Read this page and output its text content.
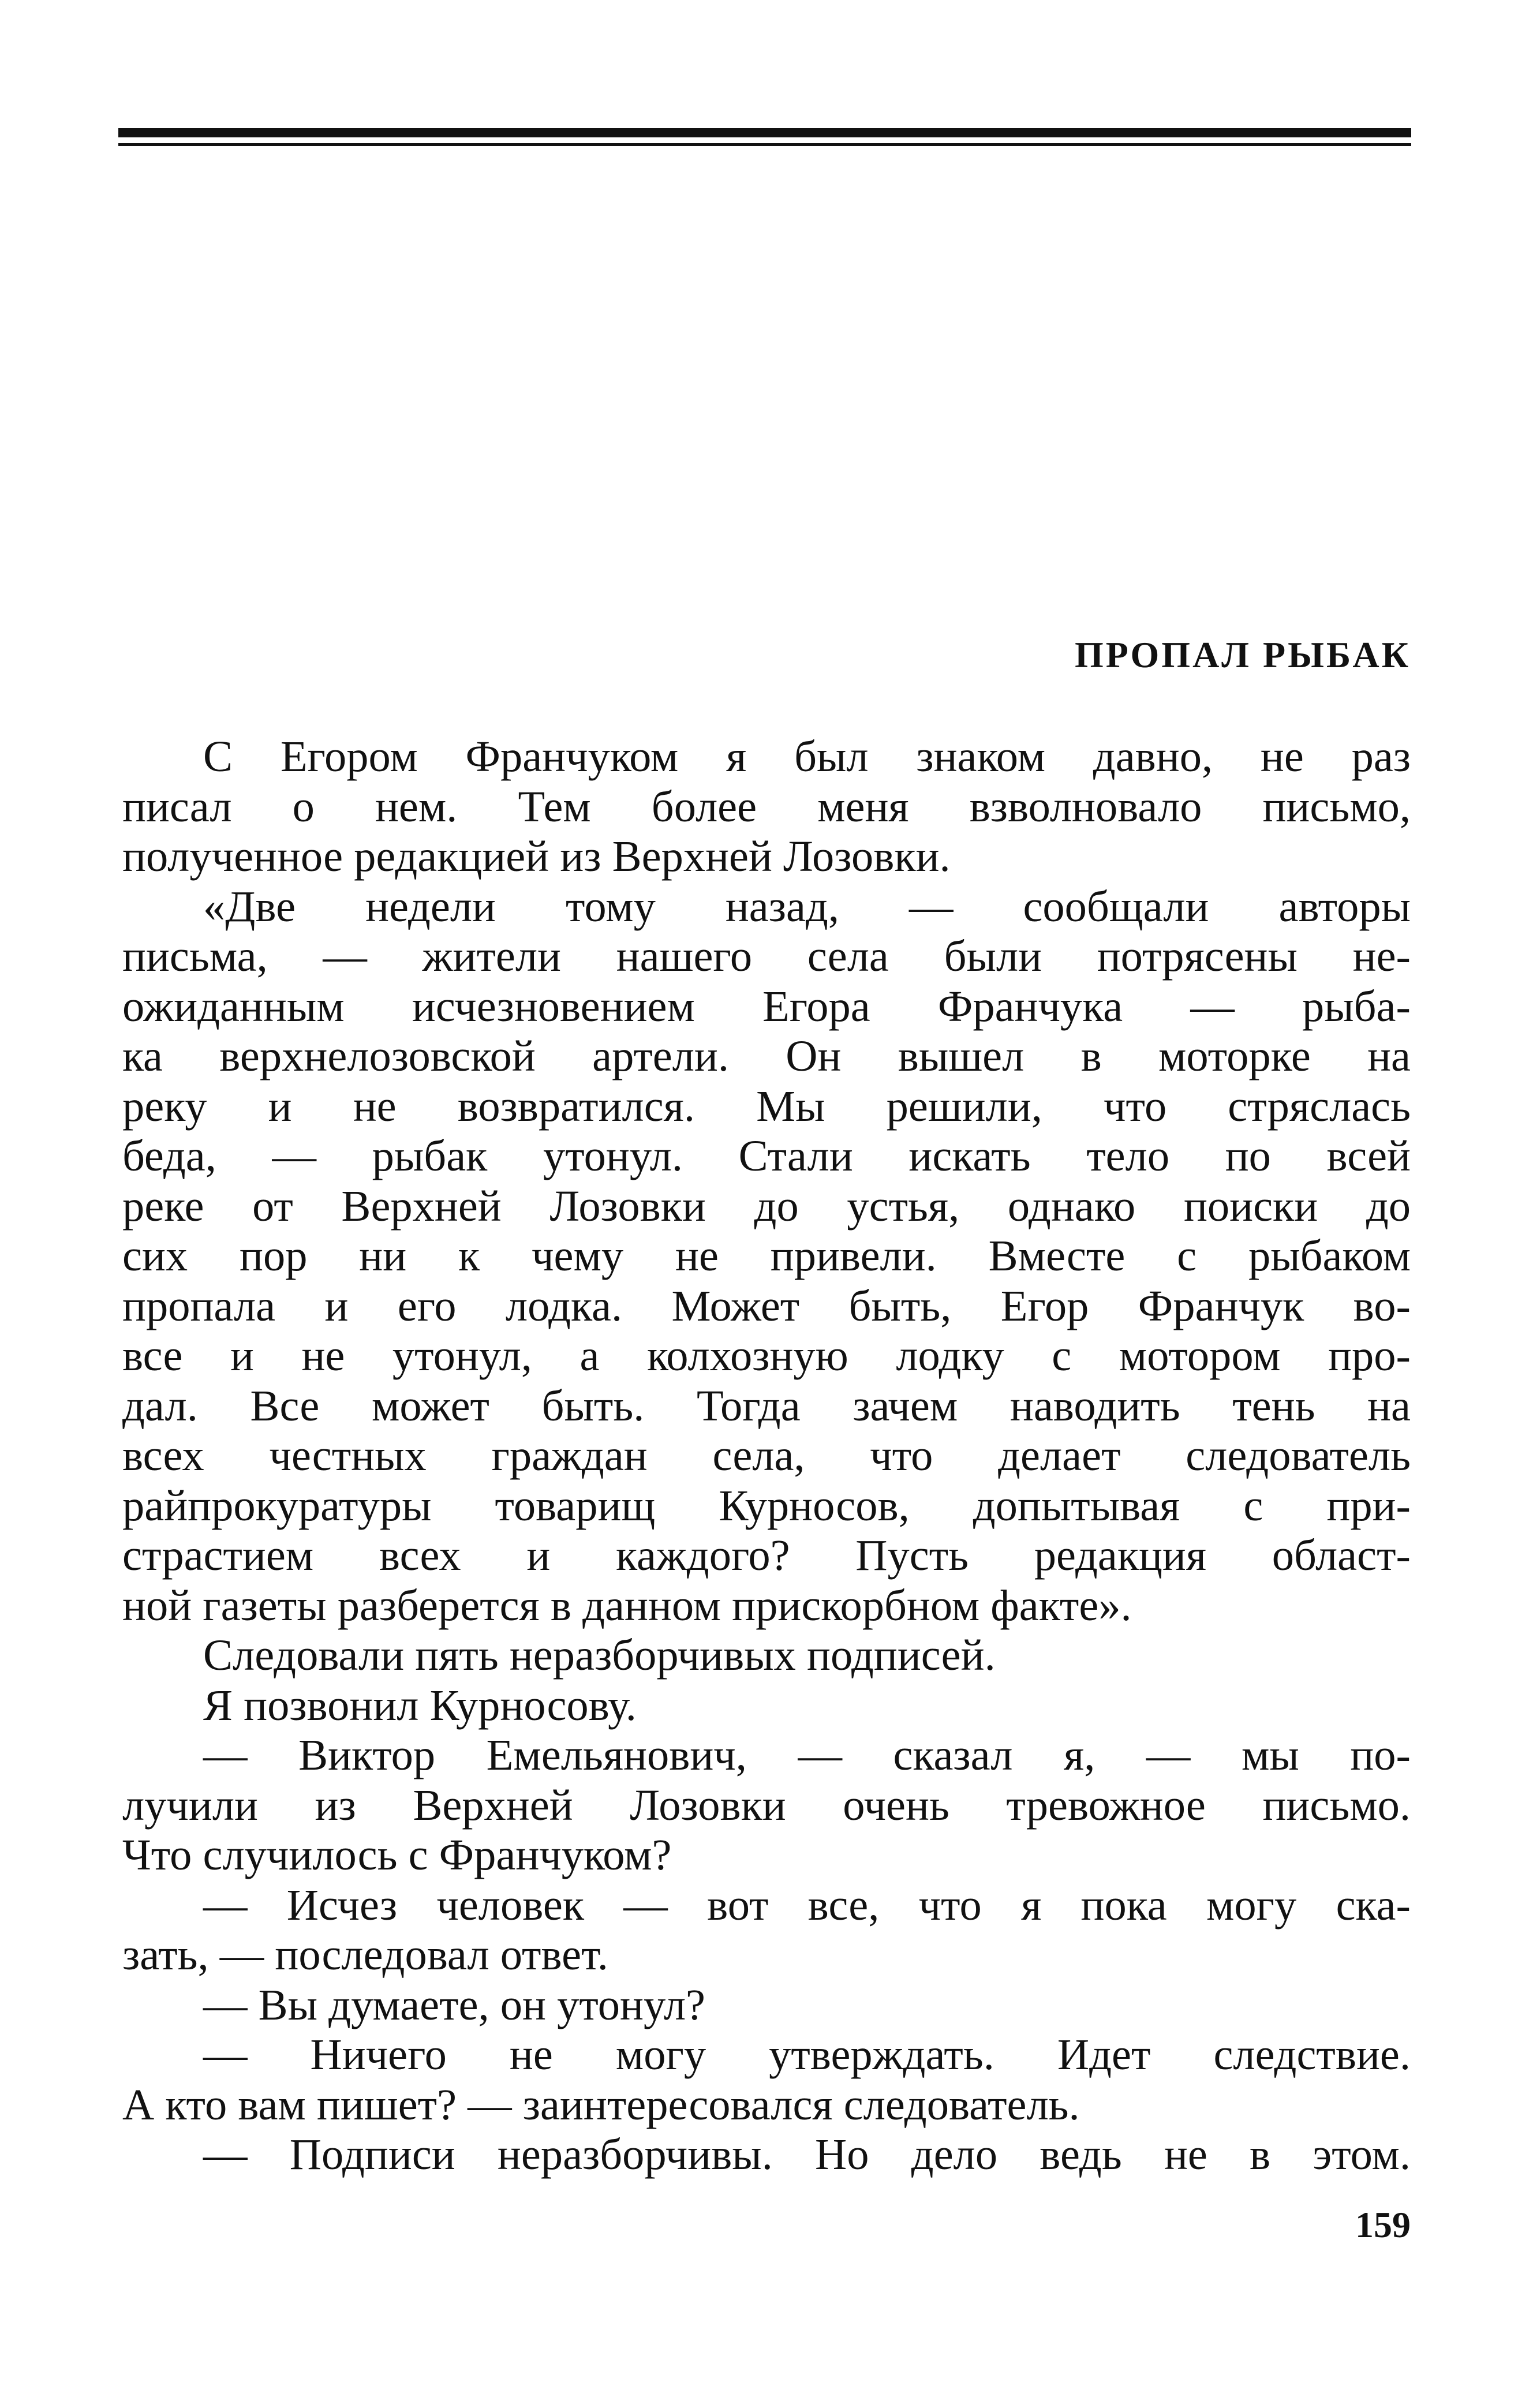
ПРОПАЛ РЫБАК
С Егором Франчуком я был знаком давно, не раз
писал о нем. Тем более меня взволновало письмо,
полученное редакцией из Верхней Лозовки.
«Две недели тому назад, — сообщали авторы
письма, — жители нашего села были потрясены не-
ожиданным исчезновением Егора Франчука — рыба-
ка верхнелозовской артели. Он вышел в моторке на
реку и не возвратился. Мы решили, что стряслась
беда, — рыбак утонул. Стали искать тело по всей
реке от Верхней Лозовки до устья, однако поиски до
сих пор ни к чему не привели. Вместе с рыбаком
пропала и его лодка. Может быть, Егор Франчук во-
все и не утонул, а колхозную лодку с мотором про-
дал. Все может быть. Тогда зачем наводить тень на
всех честных граждан села, что делает следователь
райпрокуратуры товарищ Курносов, допытывая с при-
страстием всех и каждого? Пусть редакция област-
ной газеты разберется в данном прискорбном факте».
Следовали пять неразборчивых подписей.
Я позвонил Курносову.
— Виктор Емельянович, — сказал я, — мы по-
лучили из Верхней Лозовки очень тревожное письмо.
Что случилось с Франчуком?
— Исчез человек — вот все, что я пока могу ска-
зать, — последовал ответ.
— Вы думаете, он утонул?
— Ничего не могу утверждать. Идет следствие.
А кто вам пишет? — заинтересовался следователь.
— Подписи неразборчивы. Но дело ведь не в этом.
159
